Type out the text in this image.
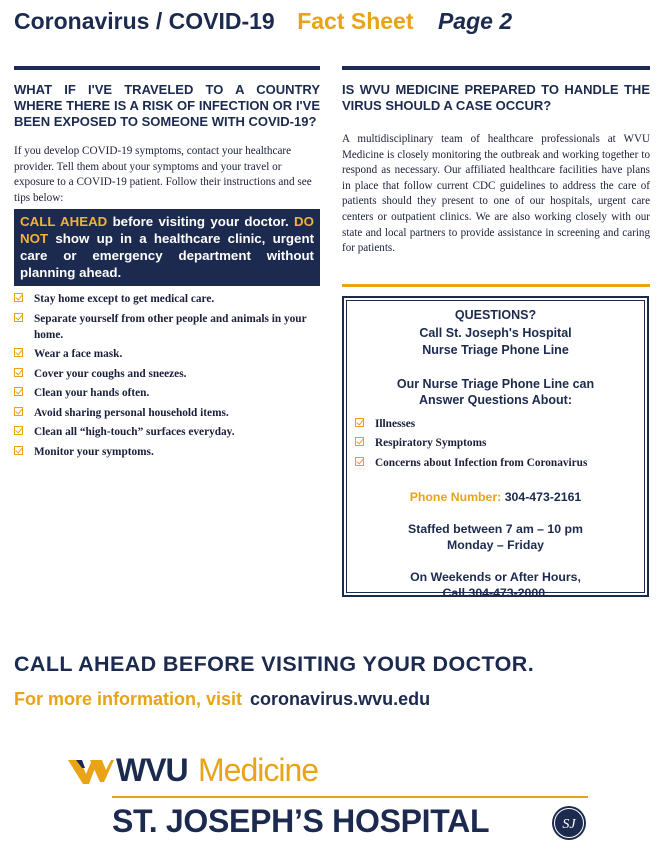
Coronavirus / COVID-19 Fact Sheet Page 2

WHAT IF I'VE TRAVELED TO A COUNTRY WHERE THERE IS A RISK OF INFECTION OR I'VE BEEN EXPOSED TO SOMEONE WITH COVID-19?

If you develop COVID-19 symptoms, contact your healthcare provider. Tell them about your symptoms and your travel or exposure to a COVID-19 patient. Follow their instructions and see tips below:

CALL AHEAD before visiting your doctor. DO NOT show up in a healthcare clinic, urgent care or emergency department without planning ahead.
Stay home except to get medical care.
Separate yourself from other people and animals in your home.
Wear a face mask.
Cover your coughs and sneezes.
Clean your hands often.
Avoid sharing personal household items.
Clean all “high-touch” surfaces everyday.
Monitor your symptoms.

IS WVU MEDICINE PREPARED TO HANDLE THE VIRUS SHOULD A CASE OCCUR?

A multidisciplinary team of healthcare professionals at WVU Medicine is closely monitoring the outbreak and working together to respond as necessary. Our affiliated healthcare facilities have plans in place that follow current CDC guidelines to address the care of patients should they present to one of our hospitals, urgent care centers or outpatient clinics. We are also working closely with our state and local partners to provide assistance in screening and caring for patients.

QUESTIONS?
Call St. Joseph's Hospital
Nurse Triage Phone Line
Our Nurse Triage Phone Line can
Answer Questions About:
Illnesses
Respiratory Symptoms
Concerns about Infection from Coronavirus
Phone Number: 304-473-2161
Staffed between 7 am – 10 pm
Monday – Friday
On Weekends or After Hours,
Call 304-473-2000.
CALL AHEAD BEFORE VISITING YOUR DOCTOR.
For more information, visit coronavirus.wvu.edu
WVU Medicine
ST. JOSEPH’S HOSPITAL	SJ
